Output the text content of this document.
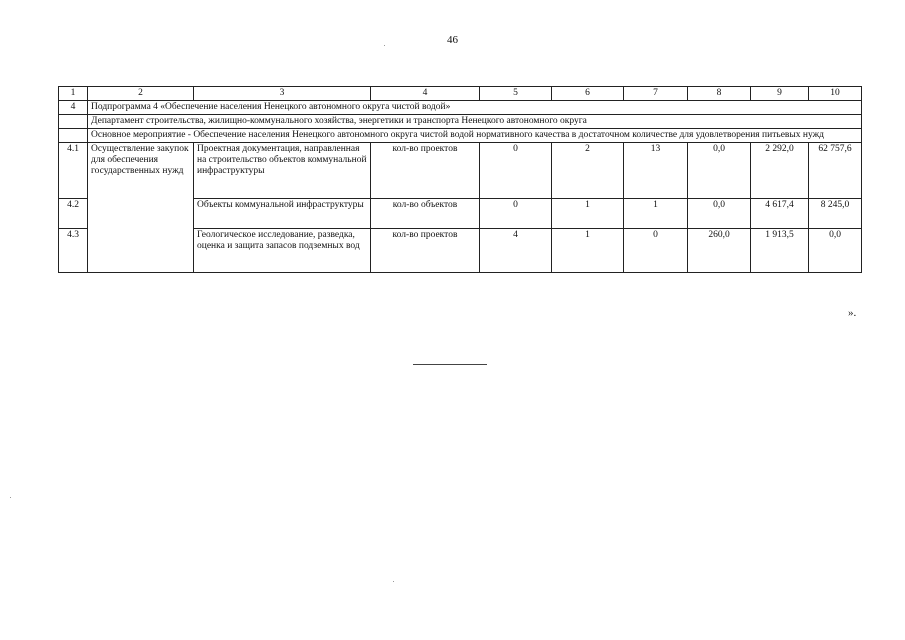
46
1	2	3	4	5	6	7	8	9	10
4	Подпрограмма 4 «Обеспечение населения Ненецкого автономного округа чистой водой»								
	Департамент строительства, жилищно-коммунального хозяйства, энергетики и транспорта Ненецкого автономного округа								
	Основное мероприятие - Обеспечение населения Ненецкого автономного округа чистой водой нормативного качества в достаточном количестве для удовлетворения питьевых нужд								
4.1	Осуществление закупок для обеспечения государственных нужд	Проектная документация, направленная на строительство объектов коммунальной инфраструктуры	кол-во проектов	0	2	13	0,0	2 292,0	62 757,6
4.2		Объекты коммунальной инфраструктуры	кол-во объектов	0	1	1	0,0	4 617,4	8 245,0
4.3		Геологическое исследование, разведка, оценка и защита запасов подземных вод	кол-во проектов	4	1	0	260,0	1 913,5	0,0
».
